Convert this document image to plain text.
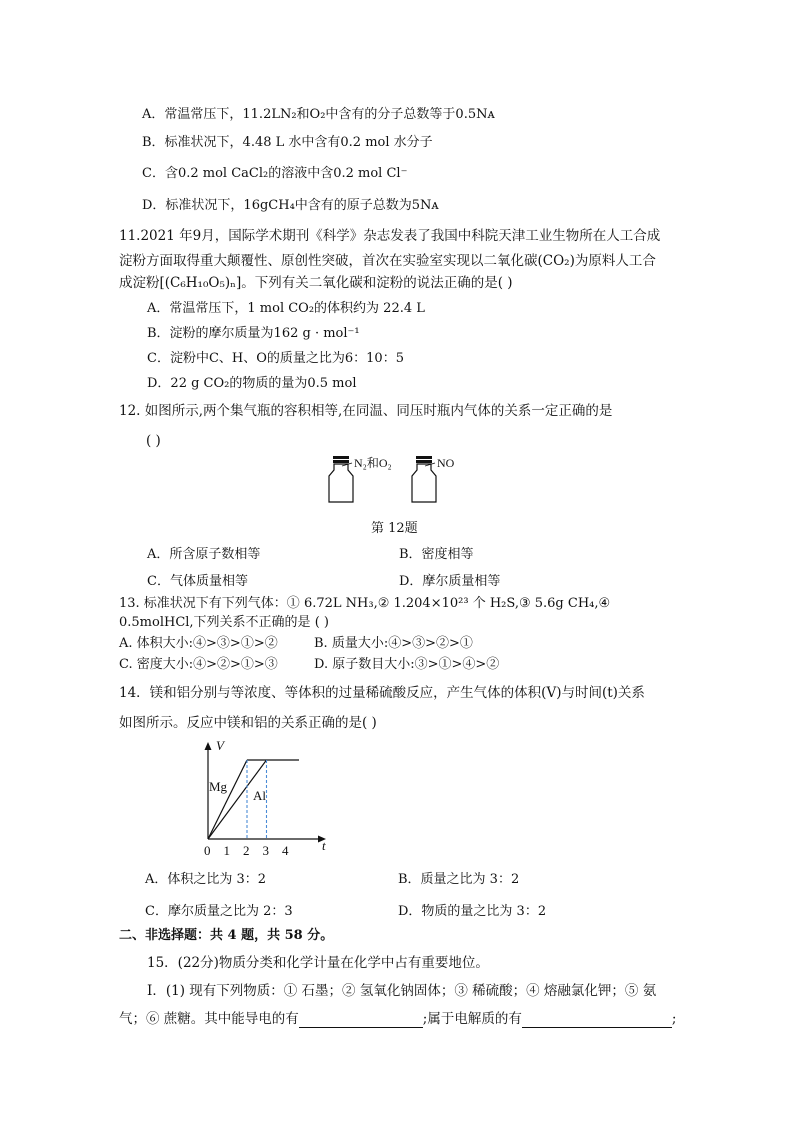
A．常温常压下，11.2LN₂和O₂中含有的分子总数等于0.5Nᴀ
B．标准状况下，4.48 L 水中含有0.2 mol 水分子
C．含0.2 mol CaCl₂的溶液中含0.2 mol Cl⁻
D．标准状况下，16gCH₄中含有的原子总数为5Nᴀ
11.2021 年9月，国际学术期刊《科学》杂志发表了我国中科院天津工业生物所在人工合成
淀粉方面取得重大颠覆性、原创性突破，首次在实验室实现以二氧化碳(CO₂)为原料人工合
成淀粉[(C₆H₁₀O₅)ₙ]。下列有关二氧化碳和淀粉的说法正确的是( )
A．常温常压下，1 mol CO₂的体积约为 22.4 L
B．淀粉的摩尔质量为162 g · mol⁻¹
C．淀粉中C、H、O的质量之比为6：10：5
D．22 g CO₂的物质的量为0.5 mol
12. 如图所示,两个集气瓶的容积相等,在同温、同压时瓶内气体的关系一定正确的是
( )
N₂和O₂	NO
第 12题
A．所含原子数相等	B．密度相等
C．气体质量相等	D．摩尔质量相等
13. 标准状况下有下列气体：① 6.72L NH₃,② 1.204×10²³ 个 H₂S,③ 5.6g CH₄,④
0.5molHCl,下列关系不正确的是 ( )
A. 体积大小:④>③>①>②	B. 质量大小:④>③>②>①
C. 密度大小:④>②>①>③	D. 原子数目大小:③>①>④>②
14．镁和铝分别与等浓度、等体积的过量稀硫酸反应，产生气体的体积(V)与时间(t)关系
如图所示。反应中镁和铝的关系正确的是( )
V
t
Mg
Al
0 1 2 3 4
A．体积之比为 3：2	B．质量之比为 3：2
C．摩尔质量之比为 2：3	D．物质的量之比为 3：2
二、非选择题：共 4 题，共 58 分。
15．(22分)物质分类和化学计量在化学中占有重要地位。
Ⅰ．(1) 现有下列物质：① 石墨；② 氢氧化钠固体；③ 稀硫酸；④ 熔融氯化钾；⑤ 氨
气；⑥ 蔗糖。其中能导电的有	;属于电解质的有	;
